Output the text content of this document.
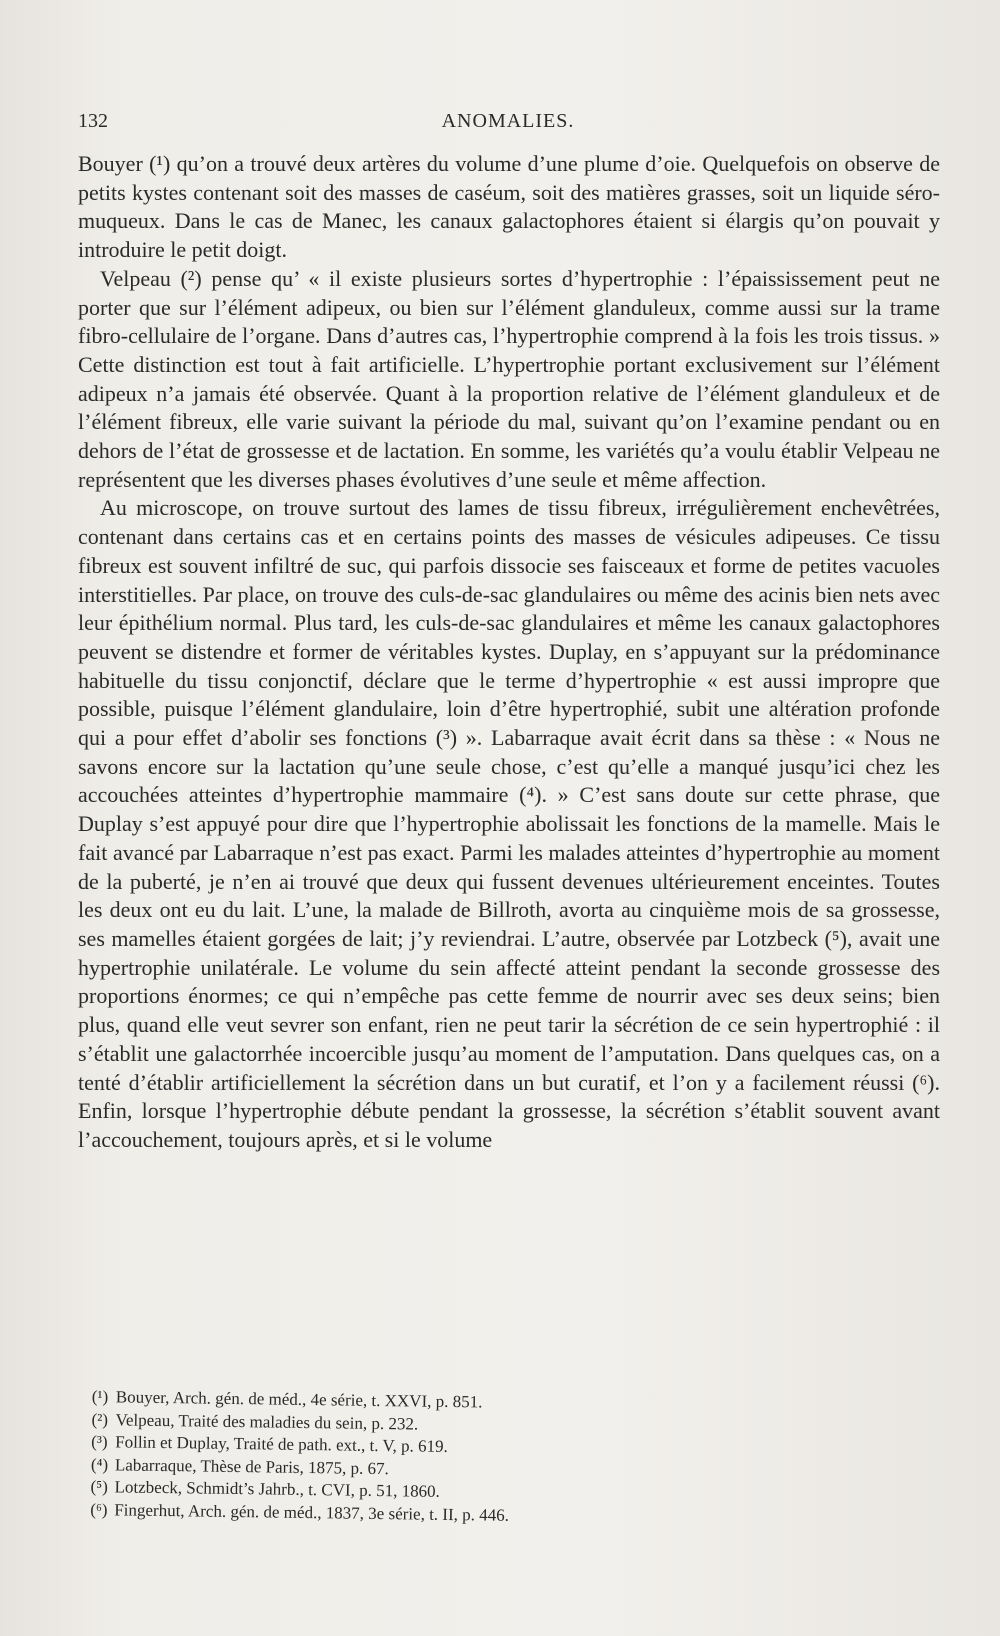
132	ANOMALIES.

Bouyer (¹) qu’on a trouvé deux artères du volume d’une plume d’oie. Quelquefois on observe de petits kystes contenant soit des masses de caséum, soit des matières grasses, soit un liquide séro-muqueux. Dans le cas de Manec, les canaux galactophores étaient si élargis qu’on pouvait y introduire le petit doigt.

Velpeau (²) pense qu’ « il existe plusieurs sortes d’hypertrophie : l’épaississement peut ne porter que sur l’élément adipeux, ou bien sur l’élément glanduleux, comme aussi sur la trame fibro-cellulaire de l’organe. Dans d’autres cas, l’hypertrophie comprend à la fois les trois tissus. » Cette distinction est tout à fait artificielle. L’hypertrophie portant exclusivement sur l’élément adipeux n’a jamais été observée. Quant à la proportion relative de l’élément glanduleux et de l’élément fibreux, elle varie suivant la période du mal, suivant qu’on l’examine pendant ou en dehors de l’état de grossesse et de lactation. En somme, les variétés qu’a voulu établir Velpeau ne représentent que les diverses phases évolutives d’une seule et même affection.

Au microscope, on trouve surtout des lames de tissu fibreux, irrégulièrement enchevêtrées, contenant dans certains cas et en certains points des masses de vésicules adipeuses. Ce tissu fibreux est souvent infiltré de suc, qui parfois dissocie ses faisceaux et forme de petites vacuoles interstitielles. Par place, on trouve des culs-de-sac glandulaires ou même des acinis bien nets avec leur épithélium normal. Plus tard, les culs-de-sac glandulaires et même les canaux galactophores peuvent se distendre et former de véritables kystes. Duplay, en s’appuyant sur la prédominance habituelle du tissu conjonctif, déclare que le terme d’hypertrophie « est aussi impropre que possible, puisque l’élément glandulaire, loin d’être hypertrophié, subit une altération profonde qui a pour effet d’abolir ses fonctions (³) ». Labarraque avait écrit dans sa thèse : « Nous ne savons encore sur la lactation qu’une seule chose, c’est qu’elle a manqué jusqu’ici chez les accouchées atteintes d’hypertrophie mammaire (⁴). » C’est sans doute sur cette phrase, que Duplay s’est appuyé pour dire que l’hypertrophie abolissait les fonctions de la mamelle. Mais le fait avancé par Labarraque n’est pas exact. Parmi les malades atteintes d’hypertrophie au moment de la puberté, je n’en ai trouvé que deux qui fussent devenues ultérieurement enceintes. Toutes les deux ont eu du lait. L’une, la malade de Billroth, avorta au cinquième mois de sa grossesse, ses mamelles étaient gorgées de lait; j’y reviendrai. L’autre, observée par Lotzbeck (⁵), avait une hypertrophie unilatérale. Le volume du sein affecté atteint pendant la seconde grossesse des proportions énormes; ce qui n’empêche pas cette femme de nourrir avec ses deux seins; bien plus, quand elle veut sevrer son enfant, rien ne peut tarir la sécrétion de ce sein hypertrophié : il s’établit une galactorrhée incoercible jusqu’au moment de l’amputation. Dans quelques cas, on a tenté d’établir artificiellement la sécrétion dans un but curatif, et l’on y a facilement réussi (⁶). Enfin, lorsque l’hypertrophie débute pendant la grossesse, la sécrétion s’établit souvent avant l’accouchement, toujours après, et si le volume

(¹) Bouyer, Arch. gén. de méd., 4e série, t. XXVI, p. 851.
(²) Velpeau, Traité des maladies du sein, p. 232.
(³) Follin et Duplay, Traité de path. ext., t. V, p. 619.
(⁴) Labarraque, Thèse de Paris, 1875, p. 67.
(⁵) Lotzbeck, Schmidt’s Jahrb., t. CVI, p. 51, 1860.
(⁶) Fingerhut, Arch. gén. de méd., 1837, 3e série, t. II, p. 446.
